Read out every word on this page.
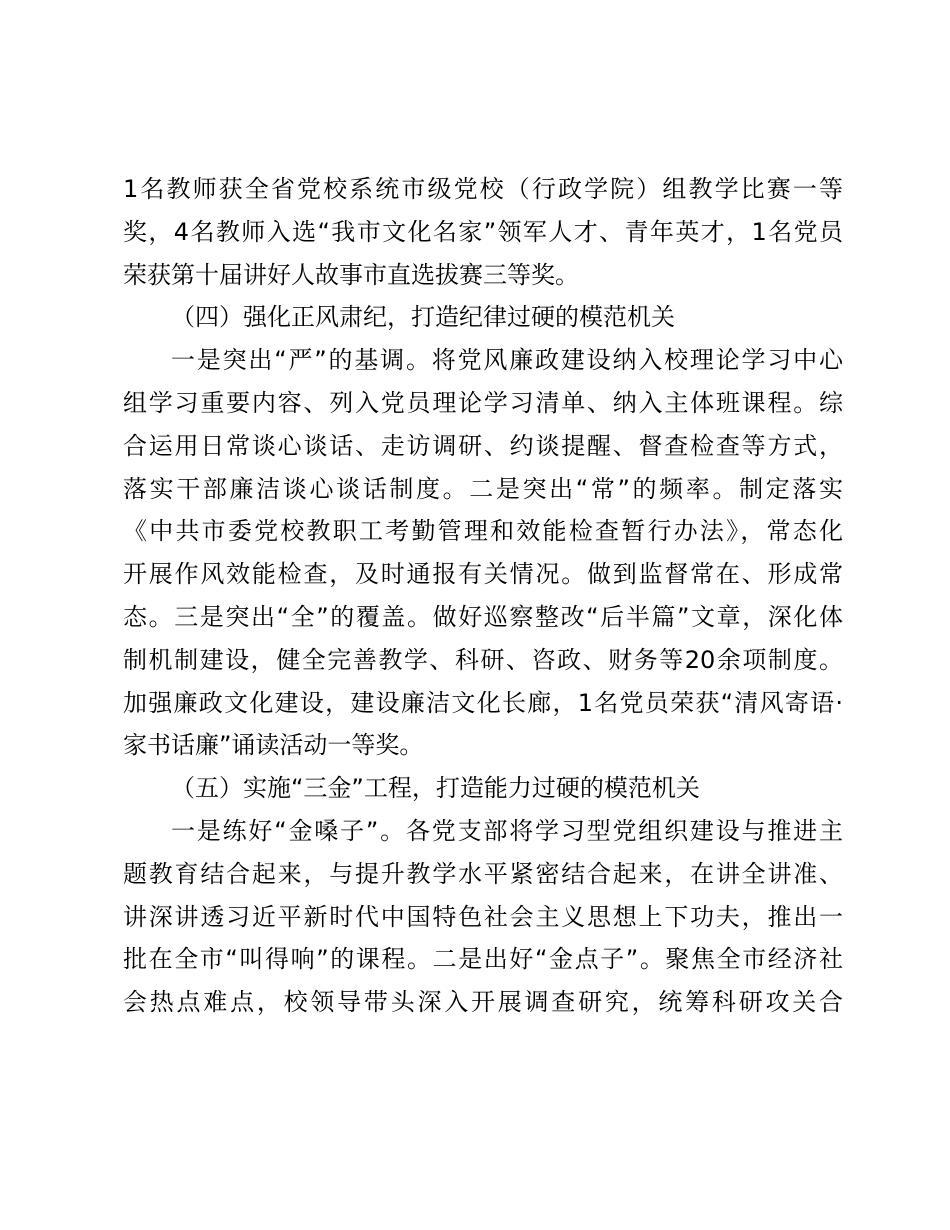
1名教师获全省党校系统市级党校（行政学院）组教学比赛一等
奖，4名教师入选“我市文化名家”领军人才、青年英才，1名党员
荣获第十届讲好人故事市直选拔赛三等奖。
（四）强化正风肃纪，打造纪律过硬的模范机关
一是突出“严”的基调。将党风廉政建设纳入校理论学习中心
组学习重要内容、列入党员理论学习清单、纳入主体班课程。综
合运用日常谈心谈话、走访调研、约谈提醒、督查检查等方式，
落实干部廉洁谈心谈话制度。二是突出“常”的频率。制定落实
《中共市委党校教职工考勤管理和效能检查暂行办法》，常态化
开展作风效能检查，及时通报有关情况。做到监督常在、形成常
态。三是突出“全”的覆盖。做好巡察整改“后半篇”文章，深化体
制机制建设，健全完善教学、科研、咨政、财务等20余项制度。
加强廉政文化建设，建设廉洁文化长廊，1名党员荣获“清风寄语·
家书话廉”诵读活动一等奖。
（五）实施“三金”工程，打造能力过硬的模范机关
一是练好“金嗓子”。各党支部将学习型党组织建设与推进主
题教育结合起来，与提升教学水平紧密结合起来，在讲全讲准、
讲深讲透习近平新时代中国特色社会主义思想上下功夫，推出一
批在全市“叫得响”的课程。二是出好“金点子”。聚焦全市经济社
会热点难点，校领导带头深入开展调查研究，统筹科研攻关合
